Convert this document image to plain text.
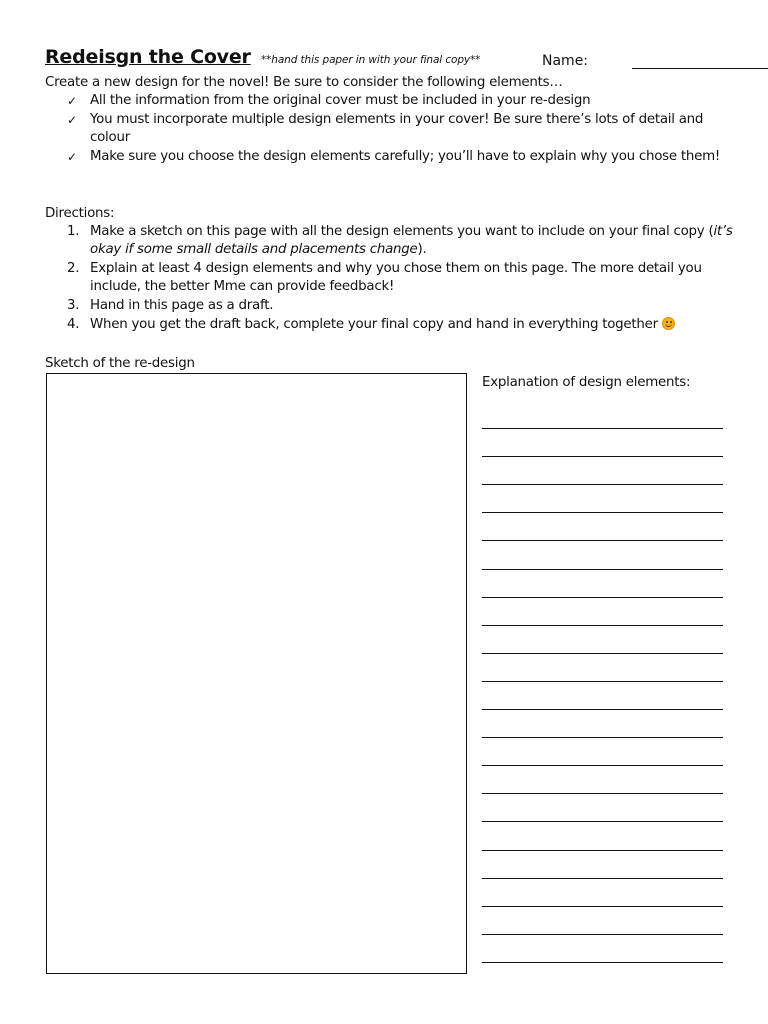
Redeisgn the Cover **hand this paper in with your final copy**	Name:
Create a new design for the novel! Be sure to consider the following elements…
✓ All the information from the original cover must be included in your re-design
✓ You must incorporate multiple design elements in your cover! Be sure there’s lots of detail and colour
✓ Make sure you choose the design elements carefully; you’ll have to explain why you chose them!
Directions:
1. Make a sketch on this page with all the design elements you want to include on your final copy (it’s okay if some small details and placements change).
2. Explain at least 4 design elements and why you chose them on this page. The more detail you include, the better Mme can provide feedback!
3. Hand in this page as a draft.
4. When you get the draft back, complete your final copy and hand in everything together
Sketch of the re-design
Explanation of design elements:
